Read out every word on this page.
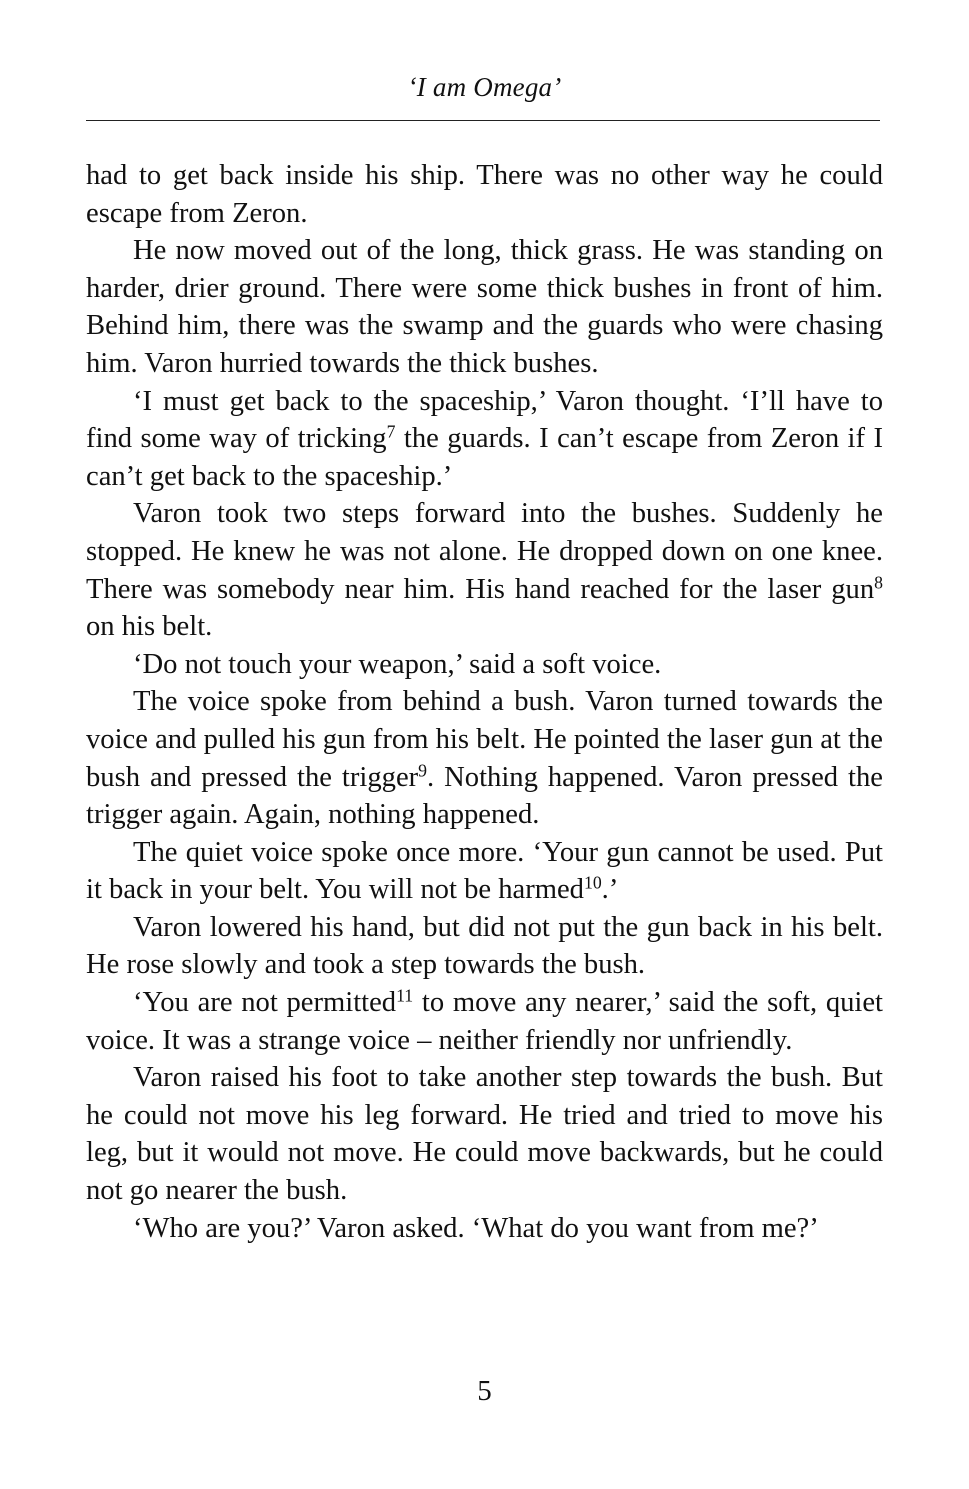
‘I am Omega’

had to get back inside his ship. There was no other way he could escape from Zeron.

He now moved out of the long, thick grass. He was standing on harder, drier ground. There were some thick bushes in front of him. Behind him, there was the swamp and the guards who were chasing him. Varon hurried towards the thick bushes.

‘I must get back to the spaceship,’ Varon thought. ‘I’ll have to find some way of tricking$^7$ the guards. I can’t escape from Zeron if I can’t get back to the spaceship.’

Varon took two steps forward into the bushes. Suddenly he stopped. He knew he was not alone. He dropped down on one knee. There was somebody near him. His hand reached for the laser gun$^8$ on his belt.

‘Do not touch your weapon,’ said a soft voice.

The voice spoke from behind a bush. Varon turned towards the voice and pulled his gun from his belt. He pointed the laser gun at the bush and pressed the trigger$^9$. Nothing happened. Varon pressed the trigger again. Again, nothing happened.

The quiet voice spoke once more. ‘Your gun cannot be used. Put it back in your belt. You will not be harmed$^{10}$.’

Varon lowered his hand, but did not put the gun back in his belt. He rose slowly and took a step towards the bush.

‘You are not permitted$^{11}$ to move any nearer,’ said the soft, quiet voice. It was a strange voice – neither friendly nor unfriendly.

Varon raised his foot to take another step towards the bush. But he could not move his leg forward. He tried and tried to move his leg, but it would not move. He could move backwards, but he could not go nearer the bush.

‘Who are you?’ Varon asked. ‘What do you want from me?’

5
